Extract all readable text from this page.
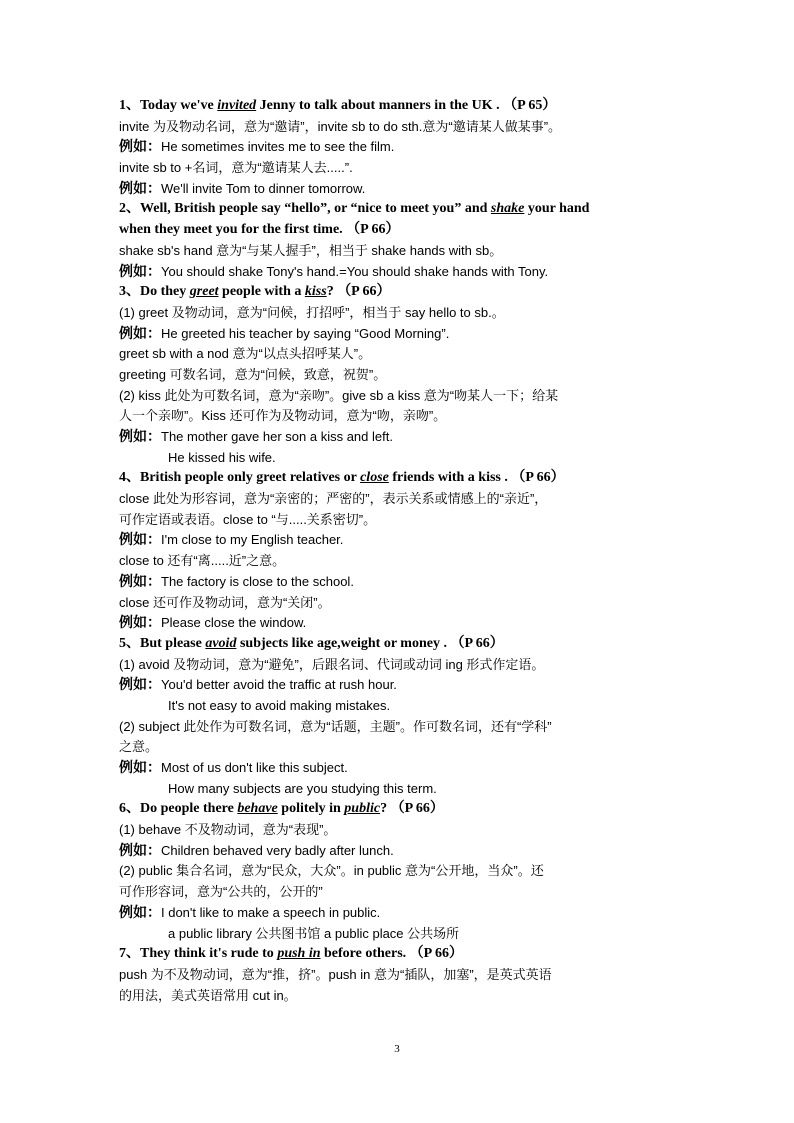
1、Today we've invited Jenny to talk about manners in the UK . （P 65）
invite 为及物动名词，意为“邀请”，invite sb to do sth.意为“邀请某人做某事”。
例如：He sometimes invites me to see the film.
invite sb to +名词，意为“邀请某人去.....”.
例如：We'll invite Tom to dinner tomorrow.
2、Well, British people say “hello”, or “nice to meet you” and shake your hand
when they meet you for the first time. （P 66）
shake sb's hand 意为“与某人握手”，相当于 shake hands with sb。
例如：You should shake Tony's hand.=You should shake hands with Tony.
3、Do they greet people with a kiss? （P 66）
(1) greet 及物动词，意为“问候，打招呼”，相当于 say hello to sb.。
例如：He greeted his teacher by saying “Good Morning”.
greet sb with a nod 意为“以点头招呼某人”。
greeting 可数名词，意为“问候，致意，祝贺”。
(2) kiss 此处为可数名词，意为“亲吻”。give sb a kiss 意为“吻某人一下；给某
人一个亲吻”。Kiss 还可作为及物动词，意为“吻，亲吻”。
例如：The mother gave her son a kiss and left.
He kissed his wife.
4、British people only greet relatives or close friends with a kiss . （P 66）
close 此处为形容词，意为“亲密的；严密的”，表示关系或情感上的“亲近”，
可作定语或表语。close to “与.....关系密切”。
例如：I'm close to my English teacher.
close to 还有“离.....近”之意。
例如：The factory is close to the school.
close 还可作及物动词，意为“关闭”。
例如：Please close the window.
5、But please avoid subjects like age,weight or money . （P 66）
(1) avoid 及物动词，意为“避免”，后跟名词、代词或动词 ing 形式作定语。
例如：You'd better avoid the traffic at rush hour.
It's not easy to avoid making mistakes.
(2) subject 此处作为可数名词，意为“话题，主题”。作可数名词，还有“学科”
之意。
例如：Most of us don't like this subject.
How many subjects are you studying this term.
6、Do people there behave politely in public? （P 66）
(1) behave 不及物动词，意为“表现”。
例如：Children behaved very badly after lunch.
(2) public 集合名词，意为“民众，大众”。in public 意为“公开地，当众”。还
可作形容词，意为“公共的，公开的”
例如：I don't like to make a speech in public.
a public library 公共图书馆 a public place 公共场所
7、They think it's rude to push in before others. （P 66）
push 为不及物动词，意为“推，挤”。push in 意为“插队，加塞”，是英式英语
的用法，美式英语常用 cut in。
3
